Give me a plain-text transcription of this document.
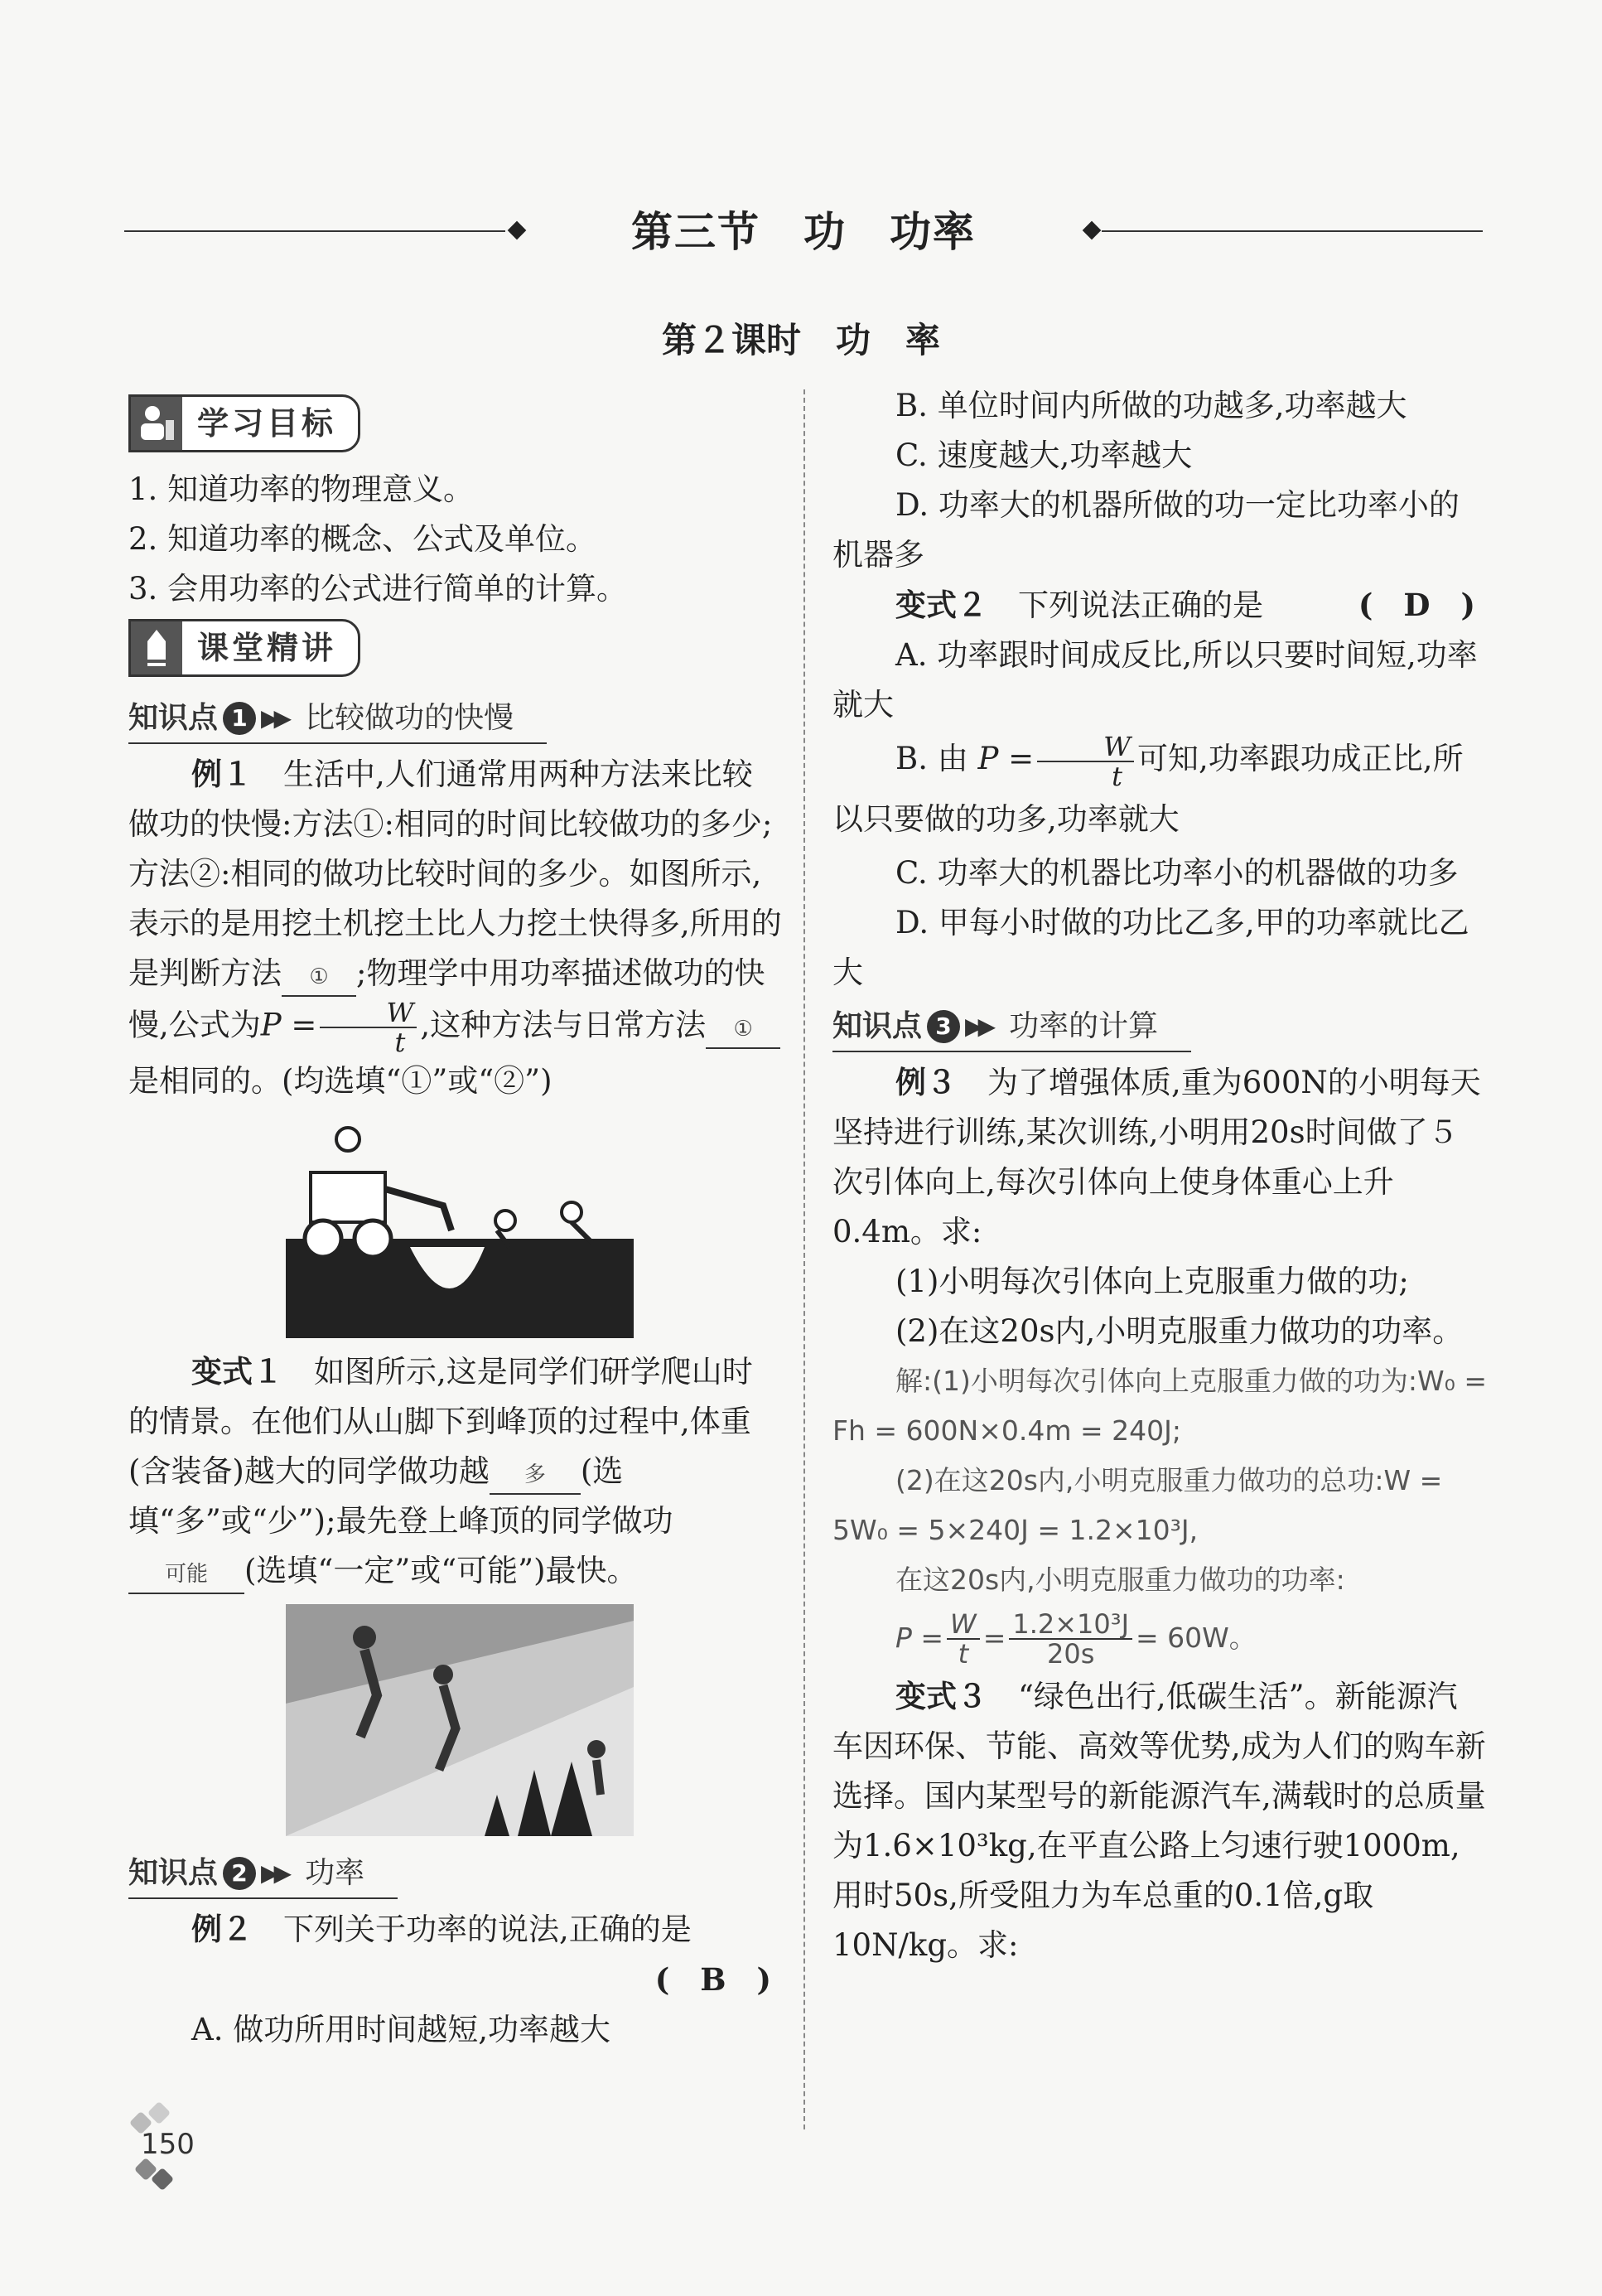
第三节　功　功率
第２课时　功　率
学习目标

1. 知道功率的物理意义。

2. 知道功率的概念、公式及单位。

3. 会用功率的公式进行简单的计算。

课堂精讲

知识点 1 ▶▶ 比较做功的快慢

例１　 生活中,人们通常用两种方法来比较做功的快慢:方法①:相同的时间比较做功的多少;方法②:相同的做功比较时间的多少。如图所示,表示的是用挖土机挖土比人力挖土快得多,所用的是判断方法 ① ;物理学中用功率描述做功的快慢,公式为$P = \frac{W}{t}$ ,这种方法与日常方法 ①是相同的。(均选填“①”或“②”)

变式１　 如图所示,这是同学们研学爬山时的情景。在他们从山脚下到峰顶的过程中,体重(含装备)越大的同学做功越 多 (选填“多”或“少”);最先登上峰顶的同学做功可能 (选填“一定”或“可能”)最快。

知识点 2 ▶▶ 功率

例２　 下列关于功率的说法,正确的是

(　B　)

A. 做功所用时间越短,功率越大

B. 单位时间内所做的功越多,功率越大

C. 速度越大,功率越大

D. 功率大的机器所做的功一定比功率小的机器多

变式２　 下列说法正确的是	(　D　)

A. 功率跟时间成反比,所以只要时间短,功率就大

B. 由 $P = \frac{W}{t}$ 可知,功率跟功成正比,所以只要做的功多,功率就大

C. 功率大的机器比功率小的机器做的功多

D. 甲每小时做的功比乙多,甲的功率就比乙大

知识点 3 ▶▶ 功率的计算

例３　 为了增强体质,重为600N的小明每天坚持进行训练,某次训练,小明用20s时间做了５次引体向上,每次引体向上使身体重心上升0.4m。求:

(1)小明每次引体向上克服重力做的功;

(2)在这20s内,小明克服重力做功的功率。

解:(1)小明每次引体向上克服重力做的功为:W₀ = Fh = 600N×0.4m = 240J;

(2)在这20s内,小明克服重力做功的总功:W = 5W₀ = 5×240J = 1.2×10³J,

在这20s内,小明克服重力做功的功率:

$P = \frac{W}{t} = \frac{\text{1.2×10³J}}{20s} = 60W$。

变式３　 “绿色出行,低碳生活”。新能源汽车因环保、节能、高效等优势,成为人们的购车新选择。国内某型号的新能源汽车,满载时的总质量为1.6×10³kg,在平直公路上匀速行驶1000m,用时50s,所受阻力为车总重的0.1倍,g取10N/kg。求:

150
